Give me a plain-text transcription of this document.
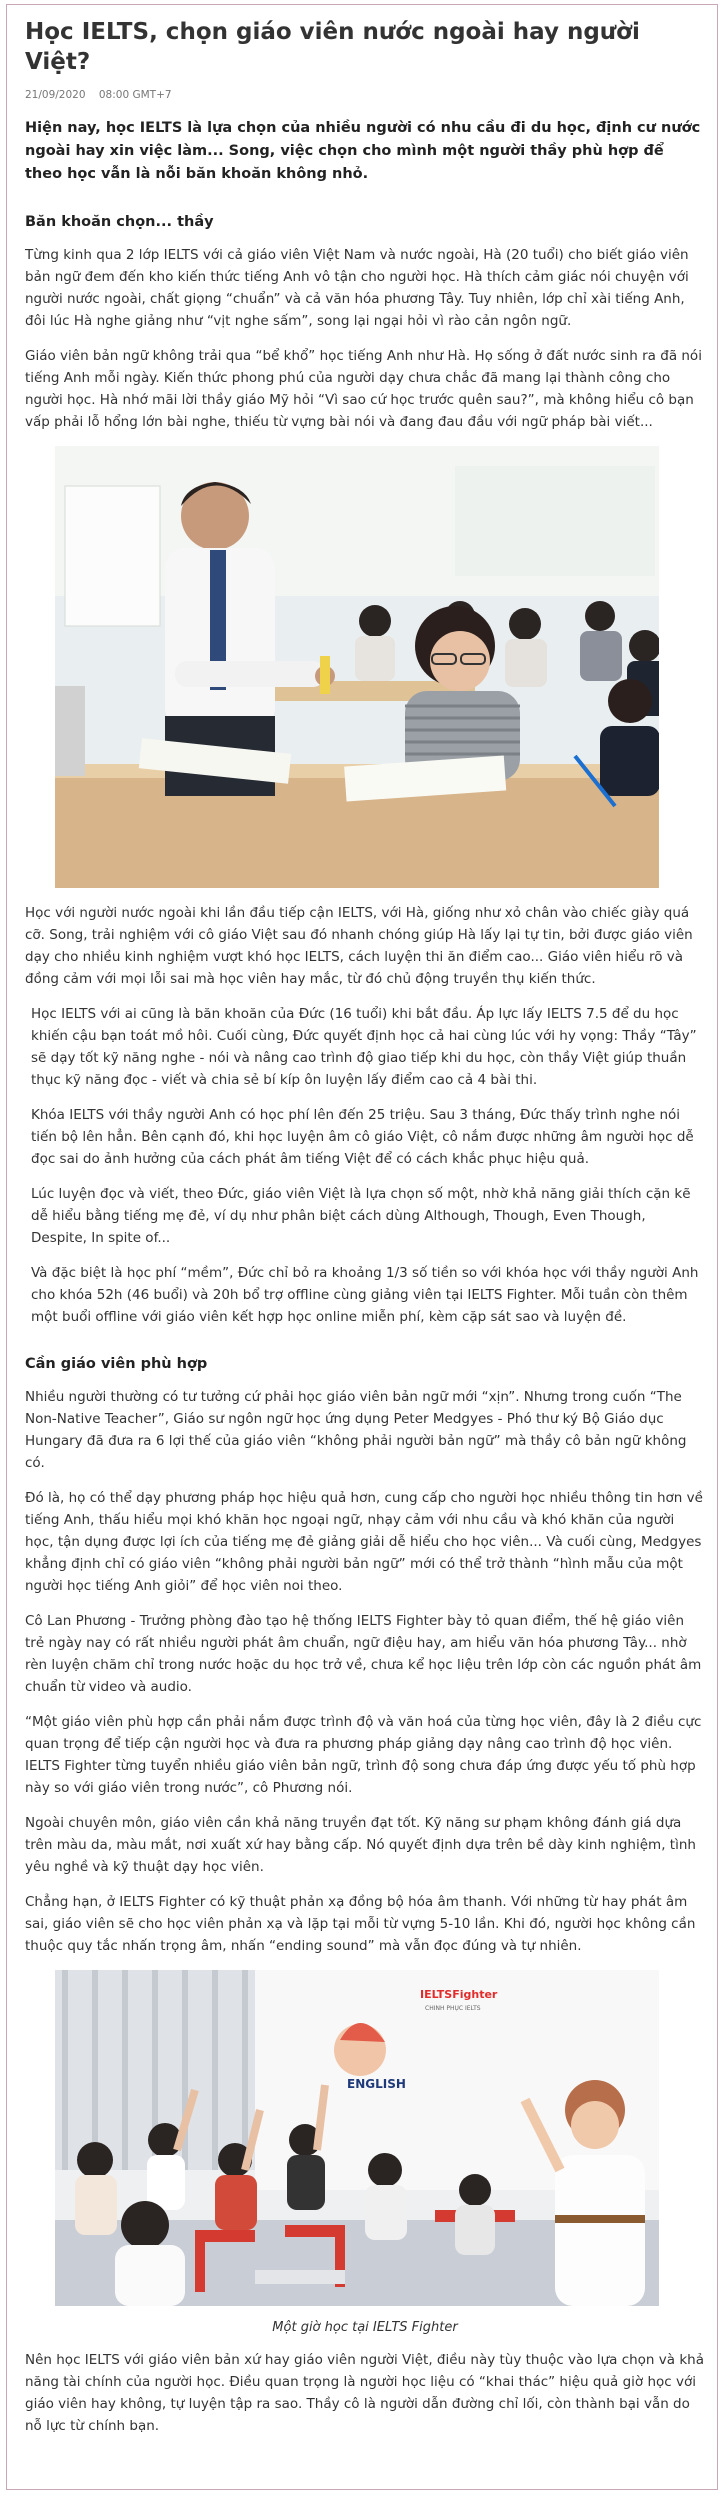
Học IELTS, chọn giáo viên nước ngoài hay người Việt?
21/09/2020 08:00 GMT+7
Hiện nay, học IELTS là lựa chọn của nhiều người có nhu cầu đi du học, định cư nước ngoài hay xin việc làm... Song, việc chọn cho mình một người thầy phù hợp để theo học vẫn là nỗi băn khoăn không nhỏ.
Băn khoăn chọn... thầy

Từng kinh qua 2 lớp IELTS với cả giáo viên Việt Nam và nước ngoài, Hà (20 tuổi) cho biết giáo viên bản ngữ đem đến kho kiến thức tiếng Anh vô tận cho người học. Hà thích cảm giác nói chuyện với người nước ngoài, chất giọng “chuẩn” và cả văn hóa phương Tây. Tuy nhiên, lớp chỉ xài tiếng Anh, đôi lúc Hà nghe giảng như “vịt nghe sấm”, song lại ngại hỏi vì rào cản ngôn ngữ.

Giáo viên bản ngữ không trải qua “bể khổ” học tiếng Anh như Hà. Họ sống ở đất nước sinh ra đã nói tiếng Anh mỗi ngày. Kiến thức phong phú của người dạy chưa chắc đã mang lại thành công cho người học. Hà nhớ mãi lời thầy giáo Mỹ hỏi “Vì sao cứ học trước quên sau?”, mà không hiểu cô bạn vấp phải lỗ hổng lớn bài nghe, thiếu từ vựng bài nói và đang đau đầu với ngữ pháp bài viết...

Học với người nước ngoài khi lần đầu tiếp cận IELTS, với Hà, giống như xỏ chân vào chiếc giày quá cỡ. Song, trải nghiệm với cô giáo Việt sau đó nhanh chóng giúp Hà lấy lại tự tin, bởi được giáo viên dạy cho nhiều kinh nghiệm vượt khó học IELTS, cách luyện thi ăn điểm cao... Giáo viên hiểu rõ và đồng cảm với mọi lỗi sai mà học viên hay mắc, từ đó chủ động truyền thụ kiến thức.

Học IELTS với ai cũng là băn khoăn của Đức (16 tuổi) khi bắt đầu. Áp lực lấy IELTS 7.5 để du học khiến cậu bạn toát mồ hôi. Cuối cùng, Đức quyết định học cả hai cùng lúc với hy vọng: Thầy “Tây” sẽ dạy tốt kỹ năng nghe - nói và nâng cao trình độ giao tiếp khi du học, còn thầy Việt giúp thuần thục kỹ năng đọc - viết và chia sẻ bí kíp ôn luyện lấy điểm cao cả 4 bài thi.

Khóa IELTS với thầy người Anh có học phí lên đến 25 triệu. Sau 3 tháng, Đức thấy trình nghe nói tiến bộ lên hẳn. Bên cạnh đó, khi học luyện âm cô giáo Việt, cô nắm được những âm người học dễ đọc sai do ảnh hưởng của cách phát âm tiếng Việt để có cách khắc phục hiệu quả.

Lúc luyện đọc và viết, theo Đức, giáo viên Việt là lựa chọn số một, nhờ khả năng giải thích cặn kẽ dễ hiểu bằng tiếng mẹ đẻ, ví dụ như phân biệt cách dùng Although, Though, Even Though, Despite, In spite of...

Và đặc biệt là học phí “mềm”, Đức chỉ bỏ ra khoảng 1/3 số tiền so với khóa học với thầy người Anh cho khóa 52h (46 buổi) và 20h bổ trợ offline cùng giảng viên tại IELTS Fighter. Mỗi tuần còn thêm một buổi offline với giáo viên kết hợp học online miễn phí, kèm cặp sát sao và luyện đề.

Cần giáo viên phù hợp

Nhiều người thường có tư tưởng cứ phải học giáo viên bản ngữ mới “xịn”. Nhưng trong cuốn “The Non-Native Teacher”, Giáo sư ngôn ngữ học ứng dụng Peter Medgyes - Phó thư ký Bộ Giáo dục Hungary đã đưa ra 6 lợi thế của giáo viên “không phải người bản ngữ” mà thầy cô bản ngữ không có.

Đó là, họ có thể dạy phương pháp học hiệu quả hơn, cung cấp cho người học nhiều thông tin hơn về tiếng Anh, thấu hiểu mọi khó khăn học ngoại ngữ, nhạy cảm với nhu cầu và khó khăn của người học, tận dụng được lợi ích của tiếng mẹ đẻ giảng giải dễ hiểu cho học viên... Và cuối cùng, Medgyes khẳng định chỉ có giáo viên “không phải người bản ngữ” mới có thể trở thành “hình mẫu của một người học tiếng Anh giỏi” để học viên noi theo.

Cô Lan Phương - Trưởng phòng đào tạo hệ thống IELTS Fighter bày tỏ quan điểm, thế hệ giáo viên trẻ ngày nay có rất nhiều người phát âm chuẩn, ngữ điệu hay, am hiểu văn hóa phương Tây... nhờ rèn luyện chăm chỉ trong nước hoặc du học trở về, chưa kể học liệu trên lớp còn các nguồn phát âm chuẩn từ video và audio.

“Một giáo viên phù hợp cần phải nắm được trình độ và văn hoá của từng học viên, đây là 2 điều cực quan trọng để tiếp cận người học và đưa ra phương pháp giảng dạy nâng cao trình độ học viên. IELTS Fighter từng tuyển nhiều giáo viên bản ngữ, trình độ song chưa đáp ứng được yếu tố phù hợp này so với giáo viên trong nước”, cô Phương nói.

Ngoài chuyên môn, giáo viên cần khả năng truyền đạt tốt. Kỹ năng sư phạm không đánh giá dựa trên màu da, màu mắt, nơi xuất xứ hay bằng cấp. Nó quyết định dựa trên bề dày kinh nghiệm, tình yêu nghề và kỹ thuật dạy học viên.

Chẳng hạn, ở IELTS Fighter có kỹ thuật phản xạ đồng bộ hóa âm thanh. Với những từ hay phát âm sai, giáo viên sẽ cho học viên phản xạ và lặp tại mỗi từ vựng 5-10 lần. Khi đó, người học không cần thuộc quy tắc nhấn trọng âm, nhấn “ending sound” mà vẫn đọc đúng và tự nhiên.

IELTSFighter
CHINH PHỤC IELTS
ENGLISH
Một giờ học tại IELTS Fighter

Nên học IELTS với giáo viên bản xứ hay giáo viên người Việt, điều này tùy thuộc vào lựa chọn và khả năng tài chính của người học. Điều quan trọng là người học liệu có “khai thác” hiệu quả giờ học với giáo viên hay không, tự luyện tập ra sao. Thầy cô là người dẫn đường chỉ lối, còn thành bại vẫn do nỗ lực từ chính bạn.
